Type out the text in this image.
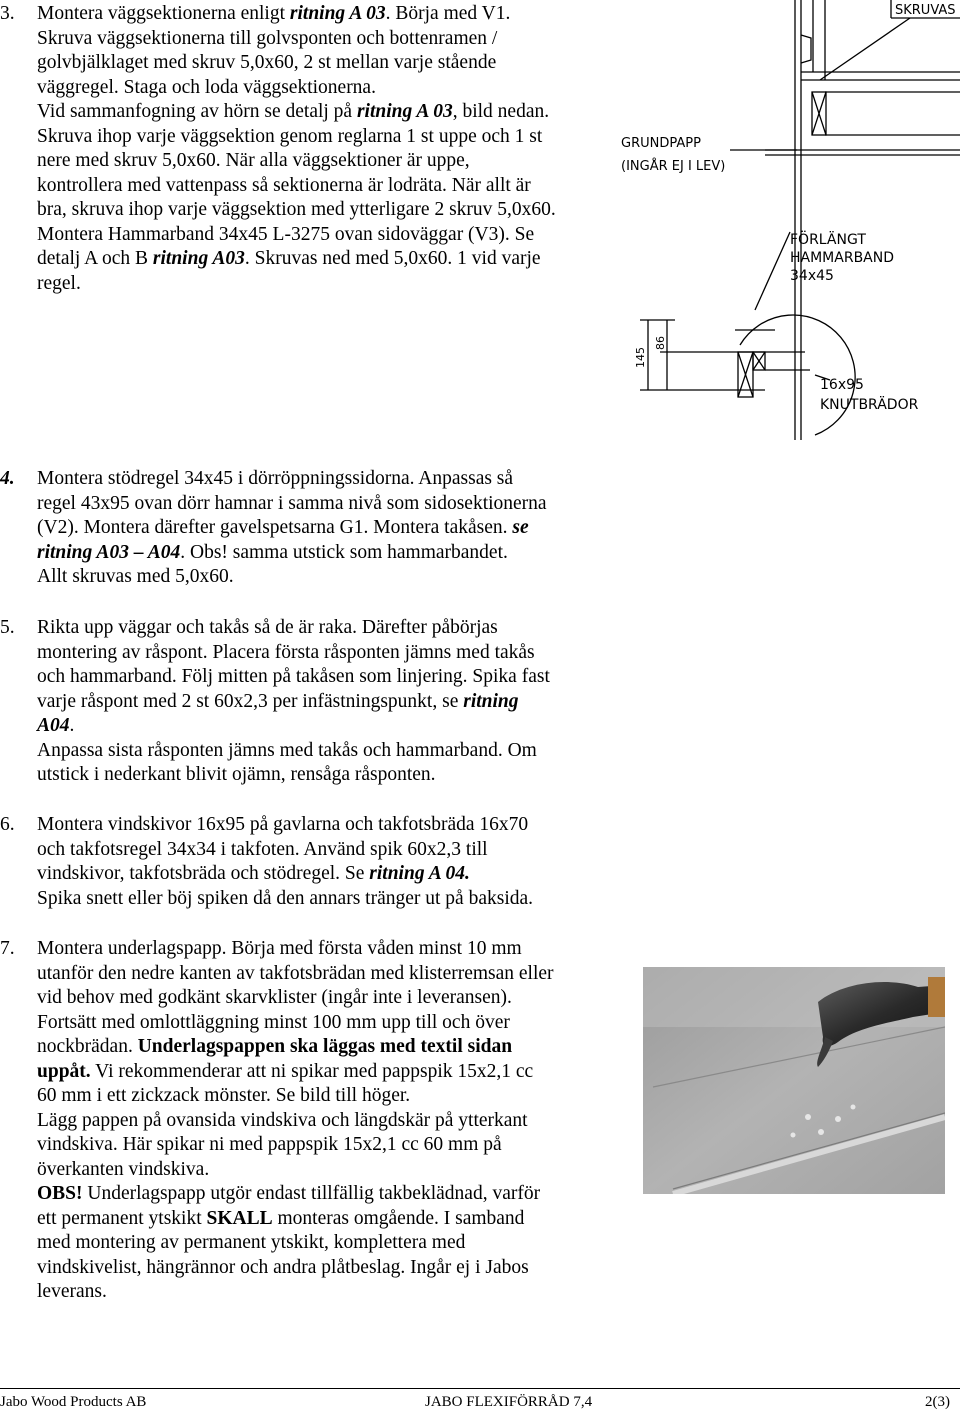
3.	Montera väggsektionerna enligt ritning A 03. Börja med V1.
Skruva väggsektionerna till golvsponten och bottenramen /
golvbjälklaget med skruv 5,0x60, 2 st mellan varje stående
väggregel. Staga och loda väggsektionerna.
Vid sammanfogning av hörn se detalj på ritning A 03, bild nedan.
Skruva ihop varje väggsektion genom reglarna 1 st uppe och 1 st
nere med skruv 5,0x60. När alla väggsektioner är uppe,
kontrollera med vattenpass så sektionerna är lodräta. När allt är
bra, skruva ihop varje väggsektion med ytterligare 2 skruv 5,0x60.
Montera Hammarband 34x45 L-3275 ovan sidoväggar (V3). Se
detalj A och B ritning A03. Skruvas ned med 5,0x60. 1 vid varje
regel.
SKRUVAS
GRUNDPAPP
(INGÅR EJ I LEV)
FÖRLÄNGT
HAMMARBAND
34x45
145
86
16x95
KNUTBRÄDOR
4.	Montera stödregel 34x45 i dörröppningssidorna. Anpassas så
regel 43x95 ovan dörr hamnar i samma nivå som sidosektionerna
(V2). Montera därefter gavelspetsarna G1. Montera takåsen. se
ritning A03 – A04. Obs! samma utstick som hammarbandet.
Allt skruvas med 5,0x60.
5.	Rikta upp väggar och takås så de är raka. Därefter påbörjas
montering av råspont. Placera första råsponten jämns med takås
och hammarband. Följ mitten på takåsen som linjering. Spika fast
varje råspont med 2 st 60x2,3 per infästningspunkt, se ritning
A04.
Anpassa sista råsponten jämns med takås och hammarband. Om
utstick i nederkant blivit ojämn, rensåga råsponten.
6.	Montera vindskivor 16x95 på gavlarna och takfotsbräda 16x70
och takfotsregel 34x34 i takfoten. Använd spik 60x2,3 till
vindskivor, takfotsbräda och stödregel. Se ritning A 04.
Spika snett eller böj spiken då den annars tränger ut på baksida.
7.	Montera underlagspapp. Börja med första våden minst 10 mm
utanför den nedre kanten av takfotsbrädan med klisterremsan eller
vid behov med godkänt skarvklister (ingår inte i leveransen).
Fortsätt med omlottläggning minst 100 mm upp till och över
nockbrädan. Underlagspappen ska läggas med textil sidan
uppåt. Vi rekommenderar att ni spikar med pappspik 15x2,1 cc
60 mm i ett zickzack mönster. Se bild till höger.
Lägg pappen på ovansida vindskiva och längdskär på ytterkant
vindskiva. Här spikar ni med pappspik 15x2,1 cc 60 mm på
överkanten vindskiva.
OBS! Underlagspapp utgör endast tillfällig takbeklädnad, varför
ett permanent ytskikt SKALL monteras omgående. I samband
med montering av permanent ytskikt, komplettera med
vindskivelist, hängrännor och andra plåtbeslag. Ingår ej i Jabos
leverans.
Jabo Wood Products AB	JABO FLEXIFÖRRÅD 7,4	2(3)
